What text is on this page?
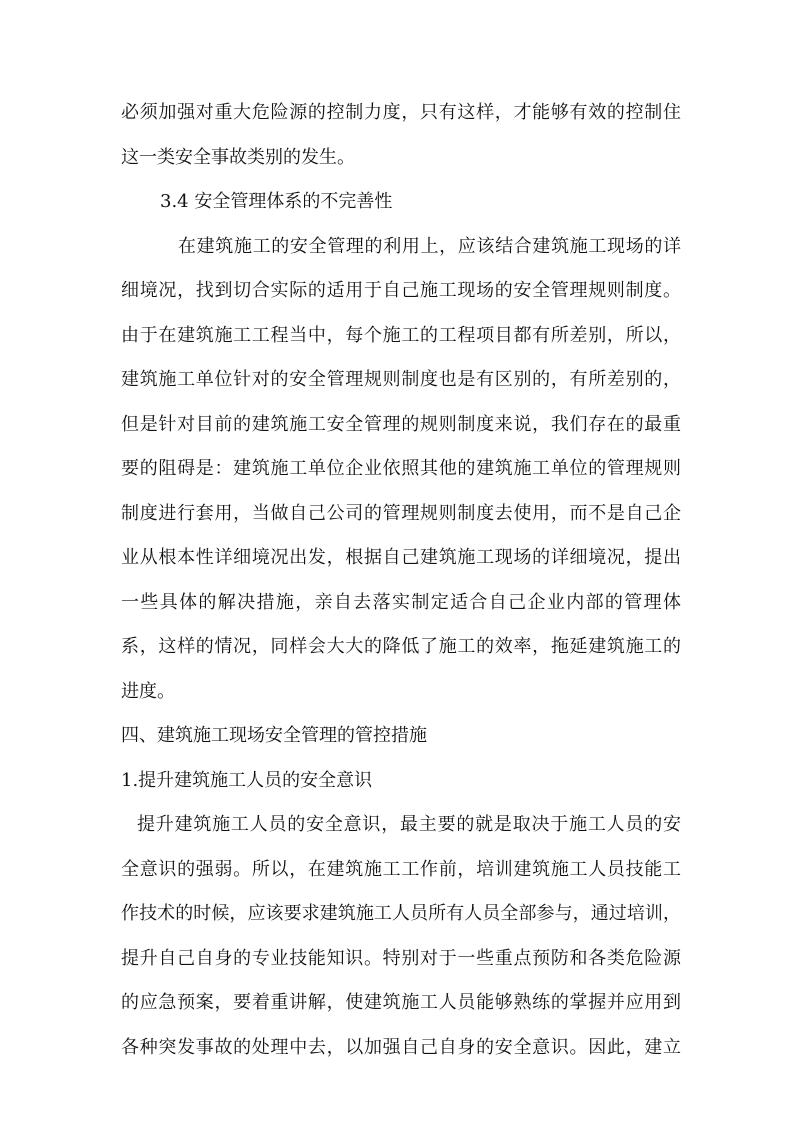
必须加强对重大危险源的控制力度，只有这样，才能够有效的控制住
这一类安全事故类别的发生。
3.4 安全管理体系的不完善性
在建筑施工的安全管理的利用上，应该结合建筑施工现场的详
细境况，找到切合实际的适用于自己施工现场的安全管理规则制度。
由于在建筑施工工程当中，每个施工的工程项目都有所差别，所以，
建筑施工单位针对的安全管理规则制度也是有区别的，有所差别的，
但是针对目前的建筑施工安全管理的规则制度来说，我们存在的最重
要的阻碍是：建筑施工单位企业依照其他的建筑施工单位的管理规则
制度进行套用，当做自己公司的管理规则制度去使用，而不是自己企
业从根本性详细境况出发，根据自己建筑施工现场的详细境况，提出
一些具体的解决措施，亲自去落实制定适合自己企业内部的管理体
系，这样的情况，同样会大大的降低了施工的效率，拖延建筑施工的
进度。
四、建筑施工现场安全管理的管控措施
1.提升建筑施工人员的安全意识
提升建筑施工人员的安全意识，最主要的就是取决于施工人员的安
全意识的强弱。所以，在建筑施工工作前，培训建筑施工人员技能工
作技术的时候，应该要求建筑施工人员所有人员全部参与，通过培训，
提升自己自身的专业技能知识。特别对于一些重点预防和各类危险源
的应急预案，要着重讲解，使建筑施工人员能够熟练的掌握并应用到
各种突发事故的处理中去，以加强自己自身的安全意识。因此，建立
